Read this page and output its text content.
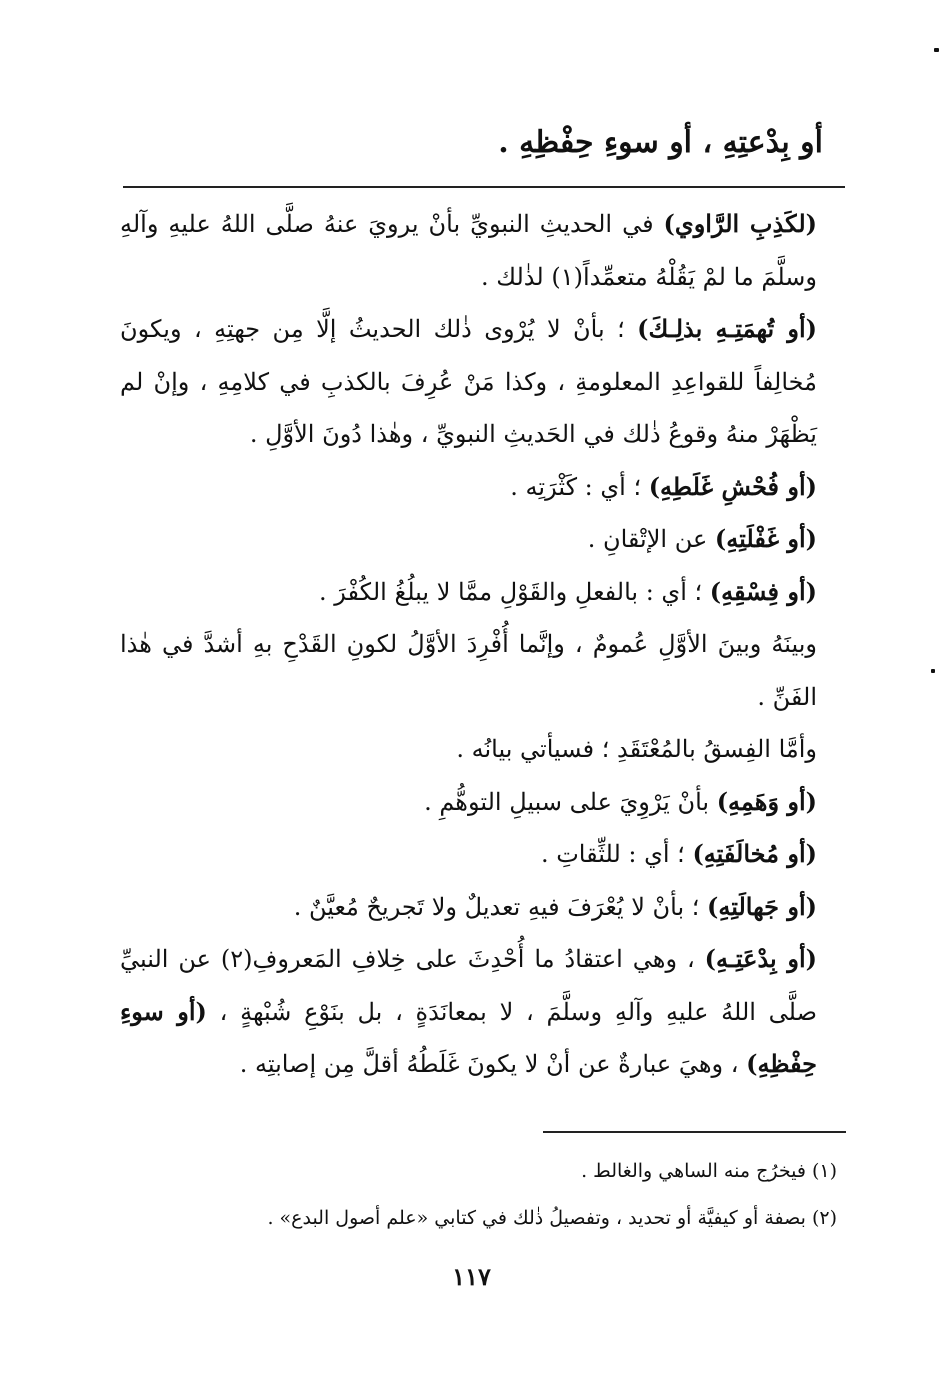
أو بِدْعتِهِ ، أو سوءِ حِفْظِهِ .

(لكَذِبِ الرَّاوي) في الحديثِ النبويِّ بأنْ يرويَ عنهُ صلَّى اللهُ عليهِ وآلهِ وسلَّمَ ما لمْ يَقُلْهُ متعمِّداً(١) لذٰلك .

(أو تُهمَتِـهِ بذلِـكَ) ؛ بأنْ لا يُرْوى ذٰلك الحديثُ إلَّا مِن جهتِهِ ، ويكونَ مُخالِفاً للقواعِدِ المعلومةِ ، وكذا مَنْ عُرِفَ بالكذبِ في كلامِهِ ، وإنْ لم يَظْهَرْ منهُ وقوعُ ذٰلك في الحَديثِ النبويِّ ، وهٰذا دُونَ الأوَّلِ .

(أو فُحْشِ غَلَطِهِ) ؛ أي : كَثْرَتِه .

(أو غَفْلَتِهِ) عن الإتْقانِ .

(أو فِسْقِهِ) ؛ أي : بالفعلِ والقَوْلِ ممَّا لا يبلُغُ الكُفْرَ .

وبينَهُ وبينَ الأوَّلِ عُمومٌ ، وإنَّما أُفْرِدَ الأوَّلُ لكونِ القَدْحِ بهِ أشدَّ في هٰذا الفَنِّ .

وأمَّا الفِسقُ بالمُعْتَقَدِ ؛ فسيأتي بيانُه .

(أو وَهَمِهِ) بأنْ يَرْوِيَ على سبيلِ التوهُّمِ .

(أو مُخالَفَتِهِ) ؛ أي : للثِّقاتِ .

(أو جَهالَتِهِ) ؛ بأنْ لا يُعْرَفَ فيهِ تعديلٌ ولا تَجريحٌ مُعيَّنٌ .

(أو بِدْعَتِـهِ) ، وهي اعتقادُ ما أُحْدِثَ على خِلافِ المَعروفِ(٢) عن النبيِّ صلَّى اللهُ عليهِ وآلهِ وسلَّمَ ، لا بمعانَدَةٍ ، بل بنَوْعِ شُبْهةٍ ، (أو سوءِ حِفْظِهِ) ، وهيَ عبارةٌ عن أنْ لا يكونَ غَلَطُهُ أقلَّ مِن إصابتِه .

(١) فيخرُج منه الساهي والغالط .

(٢) بصفة أو كيفيَّة أو تحديد ، وتفصيلُ ذٰلك في كتابي «علم أصول البدع» .

١١٧
